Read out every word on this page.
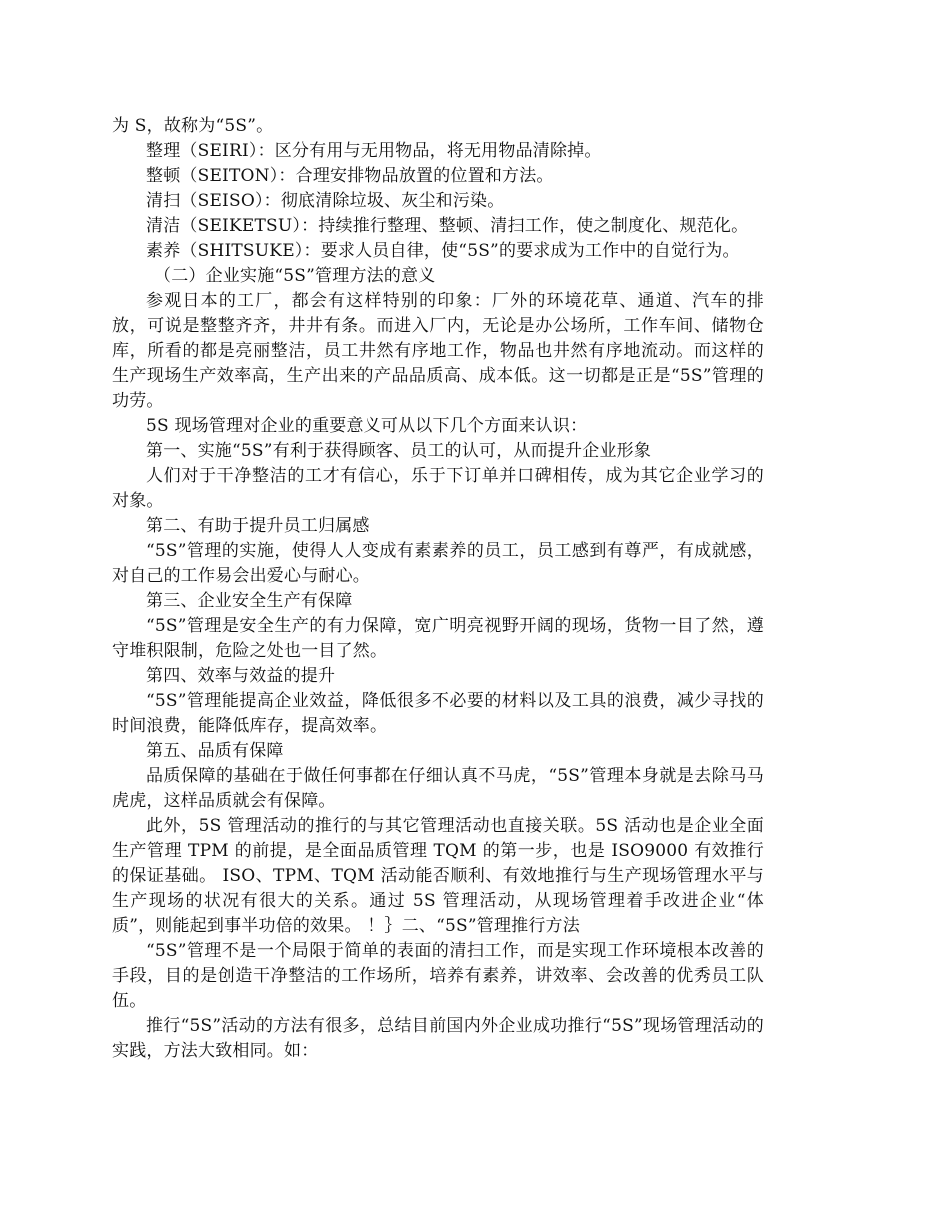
为 S，故称为“5S”。

整理（SEIRI）：区分有用与无用物品，将无用物品清除掉。

整顿（SEITON）：合理安排物品放置的位置和方法。

清扫（SEISO）：彻底清除垃圾、灰尘和污染。

清洁（SEIKETSU）：持续推行整理、整顿、清扫工作，使之制度化、规范化。

素养（SHITSUKE）：要求人员自律，使“5S”的要求成为工作中的自觉行为。

（二）企业实施“5S”管理方法的意义

参观日本的工厂，都会有这样特别的印象：厂外的环境花草、通道、汽车的排放，可说是整整齐齐，井井有条。而进入厂内，无论是办公场所，工作车间、储物仓库，所看的都是亮丽整洁，员工井然有序地工作，物品也井然有序地流动。而这样的生产现场生产效率高，生产出来的产品品质高、成本低。这一切都是正是“5S”管理的功劳。

5S 现场管理对企业的重要意义可从以下几个方面来认识：

第一、实施“5S”有利于获得顾客、员工的认可，从而提升企业形象

人们对于干净整洁的工才有信心，乐于下订单并口碑相传，成为其它企业学习的对象。

第二、有助于提升员工归属感

“5S”管理的实施，使得人人变成有素素养的员工，员工感到有尊严，有成就感，对自己的工作易会出爱心与耐心。

第三、企业安全生产有保障

“5S”管理是安全生产的有力保障，宽广明亮视野开阔的现场，货物一目了然，遵守堆积限制，危险之处也一目了然。

第四、效率与效益的提升

“5S”管理能提高企业效益，降低很多不必要的材料以及工具的浪费，减少寻找的时间浪费，能降低库存，提高效率。

第五、品质有保障

品质保障的基础在于做任何事都在仔细认真不马虎，“5S”管理本身就是去除马马虎虎，这样品质就会有保障。

此外，5S 管理活动的推行的与其它管理活动也直接关联。5S 活动也是企业全面生产管理 TPM 的前提，是全面品质管理 TQM 的第一步，也是 ISO9000 有效推行的保证基础。 ISO、TPM、TQM 活动能否顺利、有效地推行与生产现场管理水平与生产现场的状况有很大的关系。通过 5S 管理活动，从现场管理着手改进企业“体质”，则能起到事半功倍的效果。 ！｝二、“5S”管理推行方法

“5S”管理不是一个局限于简单的表面的清扫工作，而是实现工作环境根本改善的手段，目的是创造干净整洁的工作场所，培养有素养，讲效率、会改善的优秀员工队伍。

推行“5S”活动的方法有很多，总结目前国内外企业成功推行“5S”现场管理活动的实践，方法大致相同。如：
